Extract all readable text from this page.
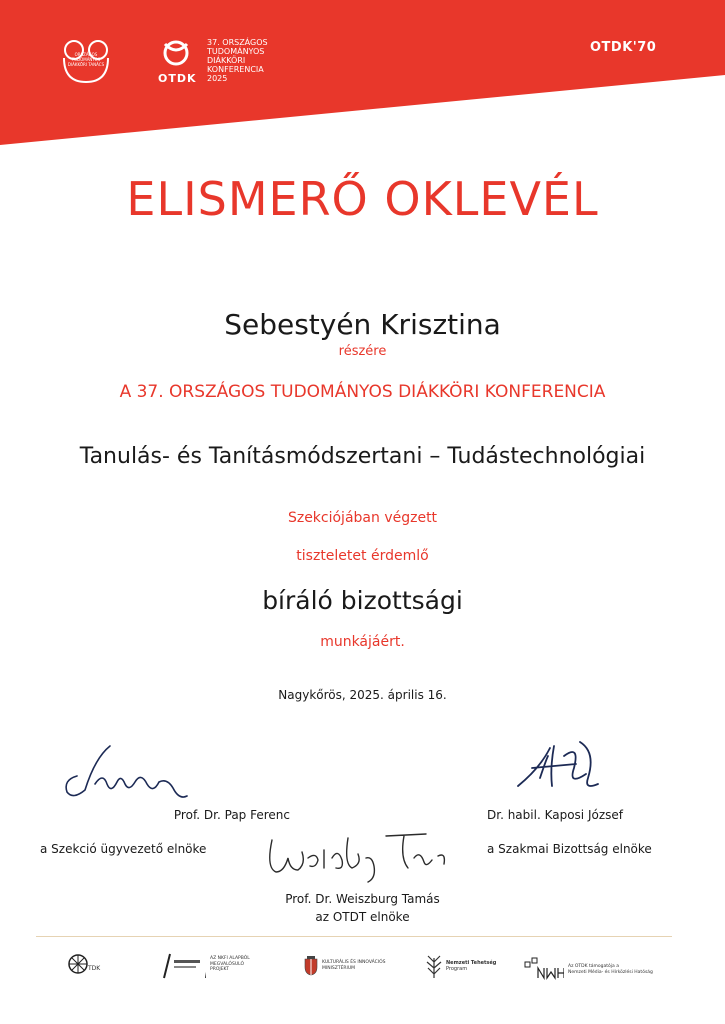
ORSZÁGOS TUDOMÁNYOS DIÁKKÖRI TANÁCS
OTDK
37. ORSZÁGOS
TUDOMÁNYOS
DIÁKKÖRI
KONFERENCIA
2025
OTDK'70
ELISMERŐ OKLEVÉL
Sebestyén Krisztina
részére
A 37. ORSZÁGOS TUDOMÁNYOS DIÁKKÖRI KONFERENCIA
Tanulás- és Tanításmódszertani – Tudástechnológiai
Szekciójában végzett
tiszteletet érdemlő
bíráló bizottsági
munkájáért.
Nagykőrös, 2025. április 16.
Prof. Dr. Pap Ferenc
a Szekció ügyvezető elnöke
Dr. habil. Kaposi József
a Szakmai Bizottság elnöke
Prof. Dr. Weiszburg Tamás
az OTDT elnöke
TDK
AZ NKFI ALAPBÓL
MEGVALÓSULÓ
PROJEKT
KULTURÁLIS ÉS INNOVÁCIÓS
MINISZTÉRIUM
Nemzeti Tehetség
Program	Az OTDK támogatója a
Nemzeti Média- és Hírközlési Hatóság
